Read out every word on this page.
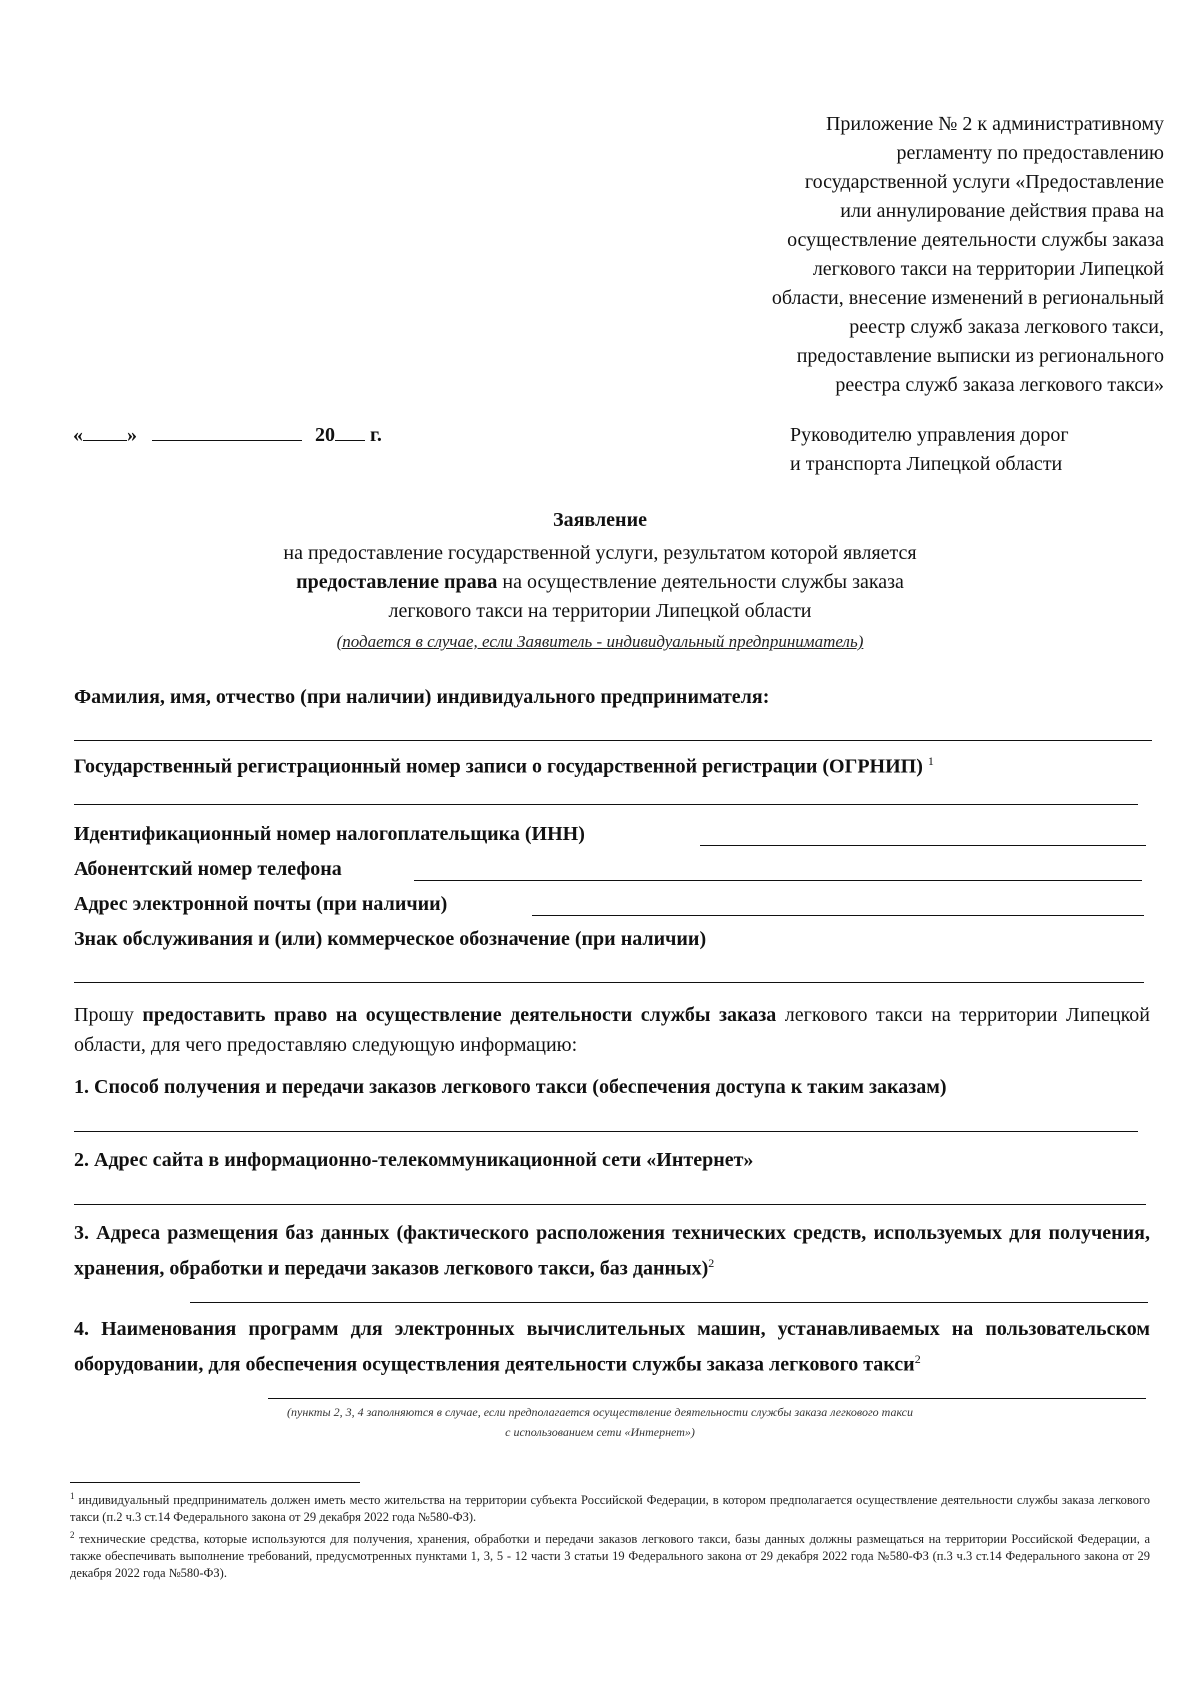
Приложение № 2 к административному
регламенту по предоставлению
государственной услуги «Предоставление
или аннулирование действия права на
осуществление деятельности службы заказа
легкового такси на территории Липецкой
области, внесение изменений в региональный
реестр служб заказа легкового такси,
предоставление выписки из регионального
реестра служб заказа легкового такси»
« »	20 г.	Руководителю управления дорог
и транспорта Липецкой области
Заявление
на предоставление государственной услуги, результатом которой является
предоставление права на осуществление деятельности службы заказа
легкового такси на территории Липецкой области
(подается в случае, если Заявитель - индивидуальный предприниматель)
Фамилия, имя, отчество (при наличии) индивидуального предпринимателя:
Государственный регистрационный номер записи о государственной регистрации (ОГРНИП) $^1$
Идентификационный номер налогоплательщика (ИНН)
Абонентский номер телефона
Адрес электронной почты (при наличии)
Знак обслуживания и (или) коммерческое обозначение (при наличии)
Прошу предоставить право на осуществление деятельности службы заказа легкового такси на территории Липецкой области, для чего предоставляю следующую информацию:
1. Способ получения и передачи заказов легкового такси (обеспечения доступа к таким заказам)
2. Адрес сайта в информационно-телекоммуникационной сети «Интернет»
3. Адреса размещения баз данных (фактического расположения технических средств, используемых для получения, хранения, обработки и передачи заказов легкового такси, баз данных)$^2$
4. Наименования программ для электронных вычислительных машин, устанавливаемых на пользовательском оборудовании, для обеспечения осуществления деятельности службы заказа легкового такси$^2$
(пункты 2, 3, 4 заполняются в случае, если предполагается осуществление деятельности службы заказа легкового такси
с использованием сети «Интернет»)

$^1$ индивидуальный предприниматель должен иметь место жительства на территории субъекта Российской Федерации, в котором предполагается осуществление деятельности службы заказа легкового такси (п.2 ч.3 ст.14 Федерального закона от 29 декабря 2022 года №580-ФЗ).

$^2$ технические средства, которые используются для получения, хранения, обработки и передачи заказов легкового такси, базы данных должны размещаться на территории Российской Федерации, а также обеспечивать выполнение требований, предусмотренных пунктами 1, 3, 5 - 12 части 3 статьи 19 Федерального закона от 29 декабря 2022 года №580-ФЗ (п.3 ч.3 ст.14 Федерального закона от 29 декабря 2022 года №580-ФЗ).
